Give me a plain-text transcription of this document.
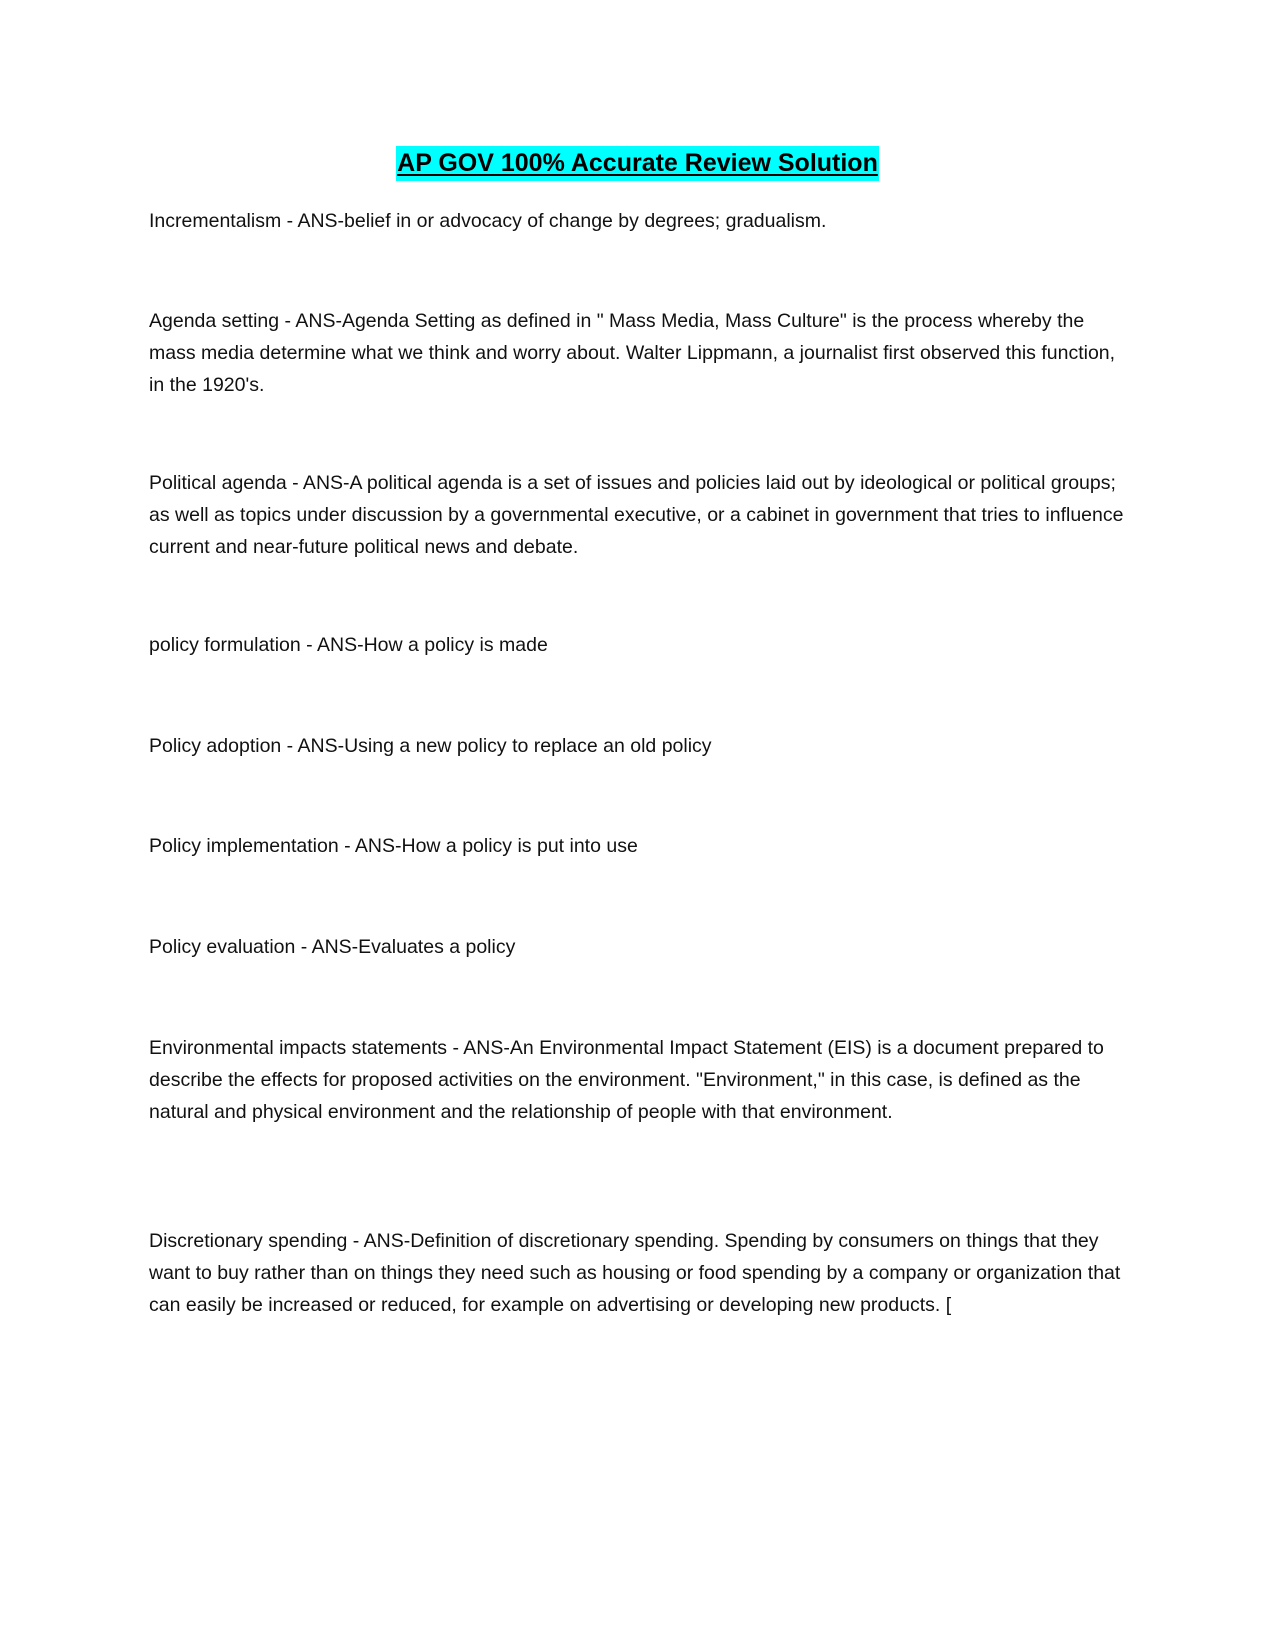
AP GOV 100% Accurate Review Solution

Incrementalism - ANS-belief in or advocacy of change by degrees; gradualism.

Agenda setting - ANS-Agenda Setting as defined in " Mass Media, Mass Culture" is the process whereby the mass media determine what we think and worry about. Walter Lippmann, a journalist first observed this function, in the 1920's.

Political agenda - ANS-A political agenda is a set of issues and policies laid out by ideological or political groups; as well as topics under discussion by a governmental executive, or a cabinet in government that tries to influence current and near-future political news and debate.

policy formulation - ANS-How a policy is made

Policy adoption - ANS-Using a new policy to replace an old policy

Policy implementation - ANS-How a policy is put into use

Policy evaluation - ANS-Evaluates a policy

Environmental impacts statements - ANS-An Environmental Impact Statement (EIS) is a document prepared to describe the effects for proposed activities on the environment. "Environment," in this case, is defined as the natural and physical environment and the relationship of people with that environment.

Discretionary spending - ANS-Definition of discretionary spending. Spending by consumers on things that they want to buy rather than on things they need such as housing or food spending by a company or organization that can easily be increased or reduced, for example on advertising or developing new products. [
